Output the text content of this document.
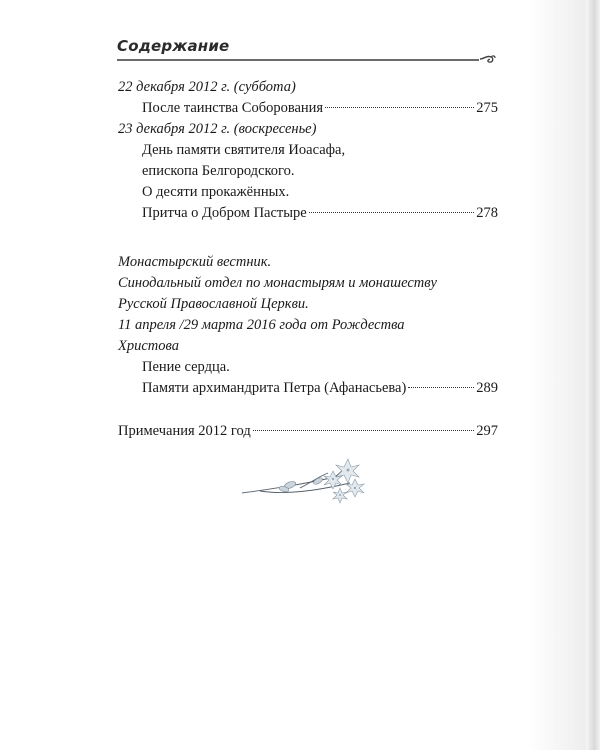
Содержание
22 декабря 2012 г. (суббота)
После таинства Соборования	275
23 декабря 2012 г. (воскресенье)
День памяти святителя Иоасафа,
епископа Белгородского.
О десяти прокажённых.
Притча о Добром Пастыре	278
Монастырский вестник.
Синодальный отдел по монастырям и монашеству
Русской Православной Церкви.
11 апреля /29 марта 2016 года от Рождества
Христова
Пение сердца.
Памяти архимандрита Петра (Афанасьева)	289
Примечания 2012 год	297
